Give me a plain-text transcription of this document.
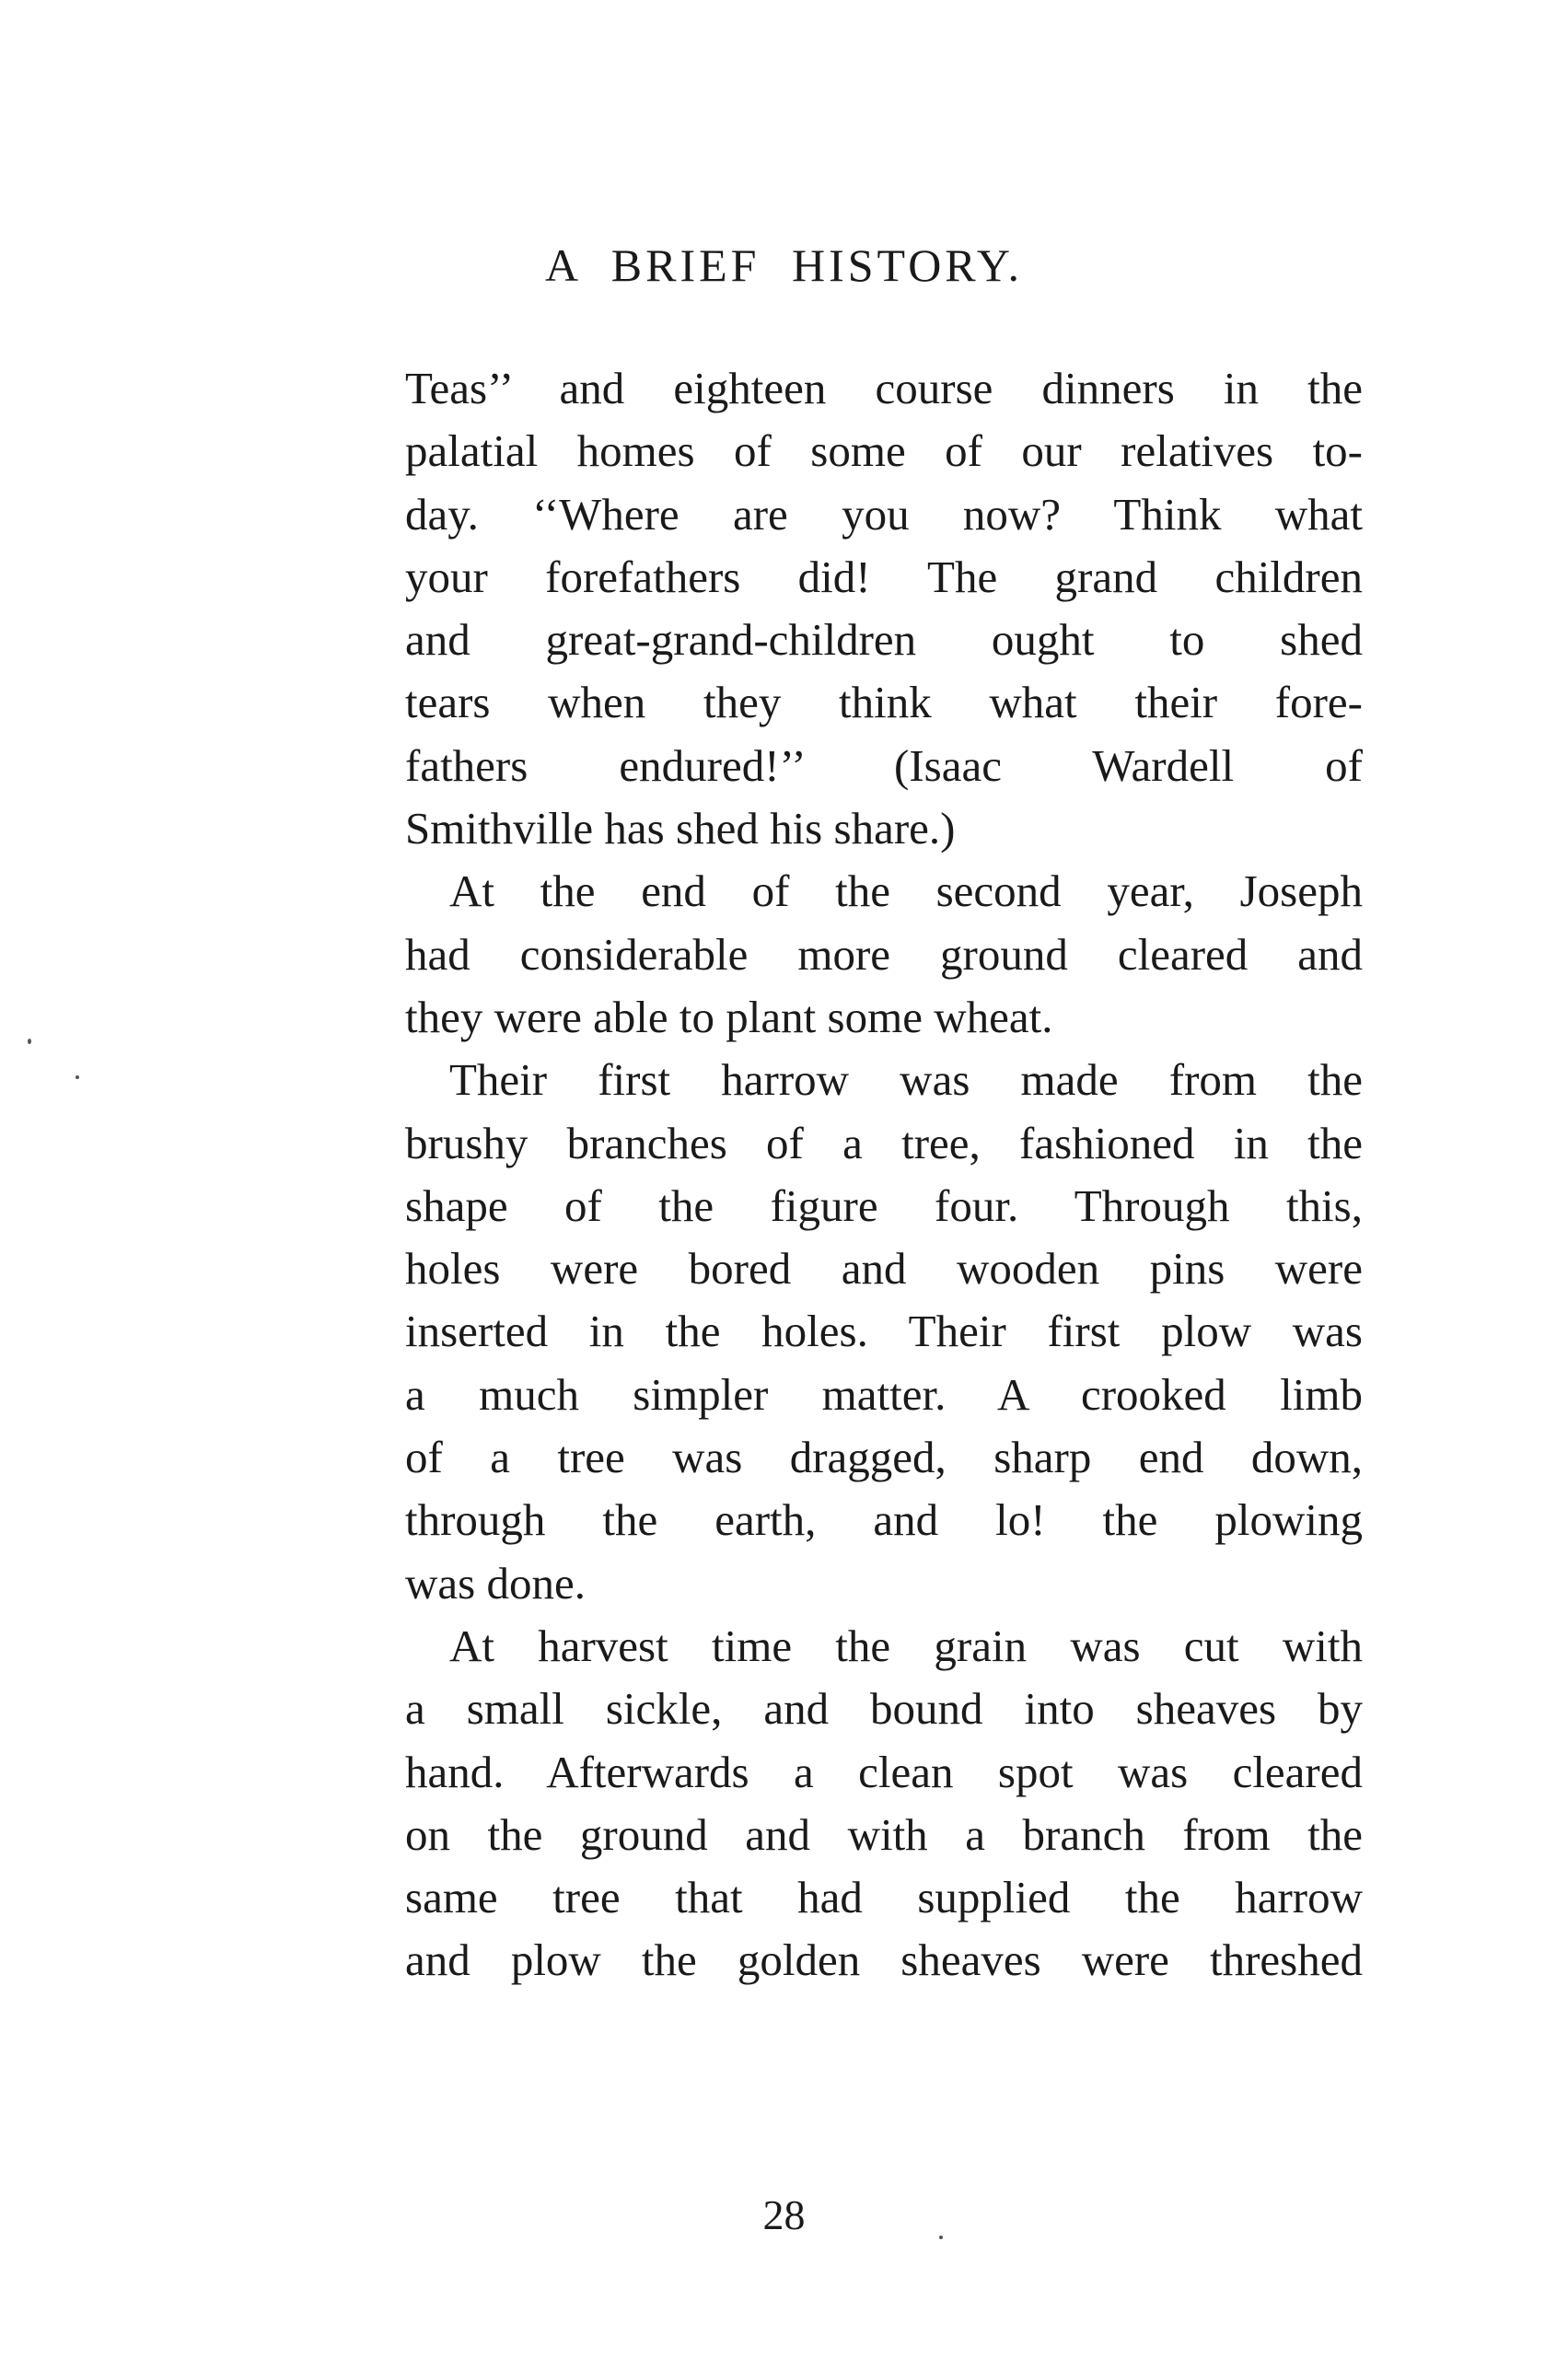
A BRIEF HISTORY.
Teas’’ and eighteen course dinners in the
palatial homes of some of our relatives to-
day. ‘‘Where are you now? Think what
your forefathers did! The grand children
and great-grand-children ought to shed
tears when they think what their fore-
fathers endured!’’ (Isaac Wardell of
Smithville has shed his share.)
At the end of the second year, Joseph
had considerable more ground cleared and
they were able to plant some wheat.
Their first harrow was made from the
brushy branches of a tree, fashioned in the
shape of the figure four. Through this,
holes were bored and wooden pins were
inserted in the holes. Their first plow was
a much simpler matter. A crooked limb
of a tree was dragged, sharp end down,
through the earth, and lo! the plowing
was done.
At harvest time the grain was cut with
a small sickle, and bound into sheaves by
hand. Afterwards a clean spot was cleared
on the ground and with a branch from the
same tree that had supplied the harrow
and plow the golden sheaves were threshed
28
